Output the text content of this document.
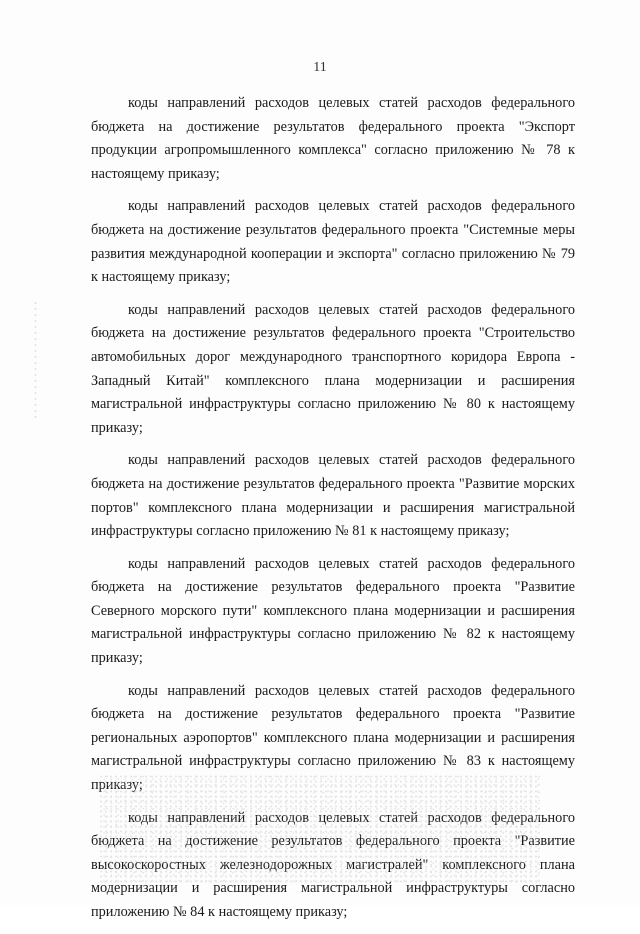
11

коды направлений расходов целевых статей расходов федерального бюджета на достижение результатов федерального проекта "Экспорт продукции агропромышленного комплекса" согласно приложению № 78 к настоящему приказу;

коды направлений расходов целевых статей расходов федерального бюджета на достижение результатов федерального проекта "Системные меры развития международной кооперации и экспорта" согласно приложению № 79 к настоящему приказу;

коды направлений расходов целевых статей расходов федерального бюджета на достижение результатов федерального проекта "Строительство автомобильных дорог международного транспортного коридора Европа - Западный Китай" комплексного плана модернизации и расширения магистральной инфраструктуры согласно приложению № 80 к настоящему приказу;

коды направлений расходов целевых статей расходов федерального бюджета на достижение результатов федерального проекта "Развитие морских портов" комплексного плана модернизации и расширения магистральной инфраструктуры согласно приложению № 81 к настоящему приказу;

коды направлений расходов целевых статей расходов федерального бюджета на достижение результатов федерального проекта "Развитие Северного морского пути" комплексного плана модернизации и расширения магистральной инфраструктуры согласно приложению № 82 к настоящему приказу;

коды направлений расходов целевых статей расходов федерального бюджета на достижение результатов федерального проекта "Развитие региональных аэропортов" комплексного плана модернизации и расширения магистральной инфраструктуры согласно приложению № 83 к настоящему приказу;

коды направлений расходов целевых статей расходов федерального бюджета на достижение результатов федерального проекта "Развитие высокоскоростных железнодорожных магистралей" комплексного плана модернизации и расширения магистральной инфраструктуры согласно приложению № 84 к настоящему приказу;
